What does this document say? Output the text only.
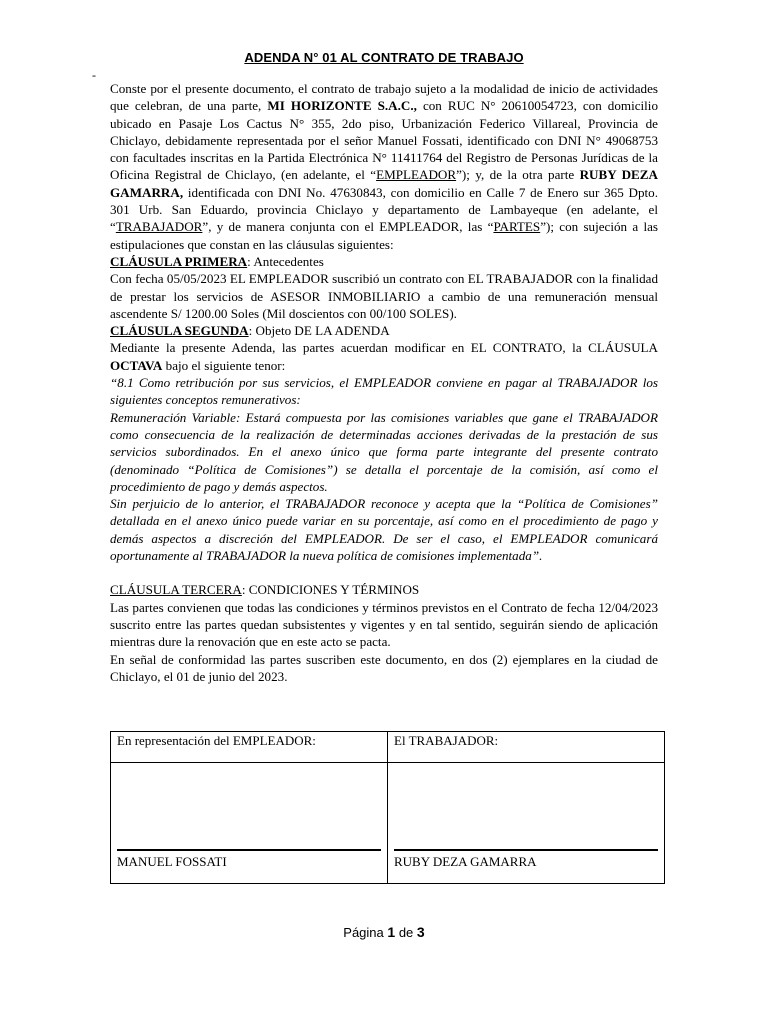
ADENDA N° 01 AL CONTRATO DE TRABAJO
-

Conste por el presente documento, el contrato de trabajo sujeto a la modalidad de inicio de actividades que celebran, de una parte, MI HORIZONTE S.A.C., con RUC N° 20610054723, con domicilio ubicado en Pasaje Los Cactus N° 355, 2do piso, Urbanización Federico Villareal, Provincia de Chiclayo, debidamente representada por el señor Manuel Fossati, identificado con DNI N° 49068753 con facultades inscritas en la Partida Electrónica N° 11411764 del Registro de Personas Jurídicas de la Oficina Registral de Chiclayo, (en adelante, el “EMPLEADOR”); y, de la otra parte RUBY DEZA GAMARRA, identificada con DNI No. 47630843, con domicilio en Calle 7 de Enero sur 365 Dpto. 301 Urb. San Eduardo, provincia Chiclayo y departamento de Lambayeque (en adelante, el “TRABAJADOR”, y de manera conjunta con el EMPLEADOR, las “PARTES”); con sujeción a las estipulaciones que constan en las cláusulas siguientes:

CLÁUSULA PRIMERA: Antecedentes

Con fecha 05/05/2023 EL EMPLEADOR suscribió un contrato con EL TRABAJADOR con la finalidad de prestar los servicios de ASESOR INMOBILIARIO a cambio de una remuneración mensual ascendente S/ 1200.00 Soles (Mil doscientos con 00/100 SOLES).

CLÁUSULA SEGUNDA: Objeto DE LA ADENDA

Mediante la presente Adenda, las partes acuerdan modificar en EL CONTRATO, la CLÁUSULA OCTAVA bajo el siguiente tenor:

“8.1 Como retribución por sus servicios, el EMPLEADOR conviene en pagar al TRABAJADOR los siguientes conceptos remunerativos:

Remuneración Variable: Estará compuesta por las comisiones variables que gane el TRABAJADOR como consecuencia de la realización de determinadas acciones derivadas de la prestación de sus servicios subordinados. En el anexo único que forma parte integrante del presente contrato (denominado “Política de Comisiones”) se detalla el porcentaje de la comisión, así como el procedimiento de pago y demás aspectos.

Sin perjuicio de lo anterior, el TRABAJADOR reconoce y acepta que la “Política de Comisiones” detallada en el anexo único puede variar en su porcentaje, así como en el procedimiento de pago y demás aspectos a discreción del EMPLEADOR. De ser el caso, el EMPLEADOR comunicará oportunamente al TRABAJADOR la nueva política de comisiones implementada”.

CLÁUSULA TERCERA: CONDICIONES Y TÉRMINOS

Las partes convienen que todas las condiciones y términos previstos en el Contrato de fecha 12/04/2023 suscrito entre las partes quedan subsistentes y vigentes y en tal sentido, seguirán siendo de aplicación mientras dure la renovación que en este acto se pacta.

En señal de conformidad las partes suscriben este documento, en dos (2) ejemplares en la ciudad de Chiclayo, el 01 de junio del 2023.

En representación del EMPLEADOR:	El TRABAJADOR:

MANUEL FOSSATI	RUBY DEZA GAMARRA
Página 1 de 3
